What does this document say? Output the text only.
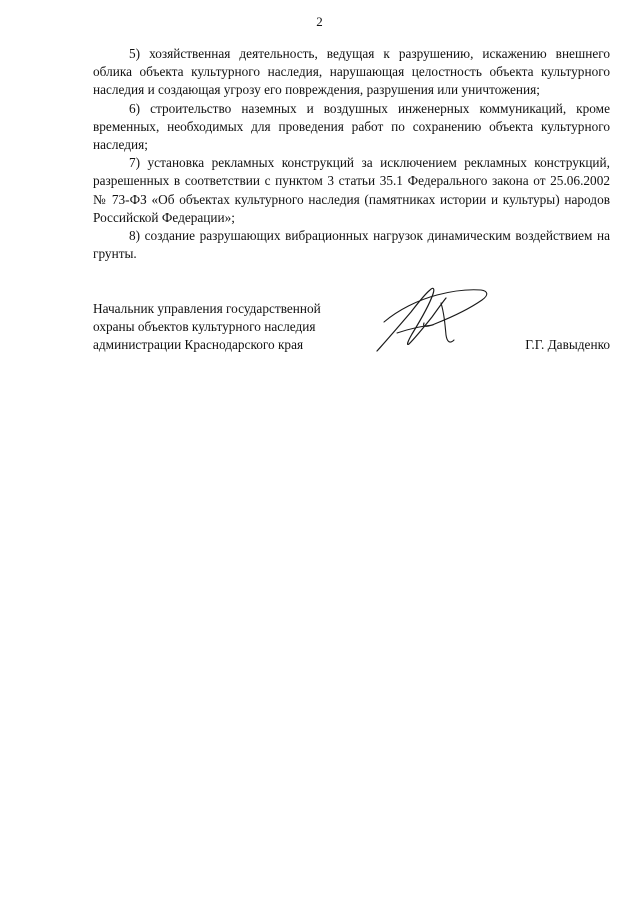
2

5) хозяйственная деятельность, ведущая к разрушению, искажению внешнего облика объекта культурного наследия, нарушающая целостность объекта культурного наследия и создающая угрозу его повреждения, разрушения или уничтожения;

6) строительство наземных и воздушных инженерных коммуникаций, кроме временных, необходимых для проведения работ по сохранению объекта культурного наследия;

7) установка рекламных конструкций за исключением рекламных конструкций, разрешенных в соответствии с пунктом 3 статьи 35.1 Федерального закона от 25.06.2002 № 73-ФЗ «Об объектах культурного наследия (памятниках истории и культуры) народов Российской Федерации»;

8) создание разрушающих вибрационных нагрузок динамическим воздействием на грунты.

Начальник управления государственной
охраны объектов культурного наследия
администрации Краснодарского края	Г.Г. Давыденко
